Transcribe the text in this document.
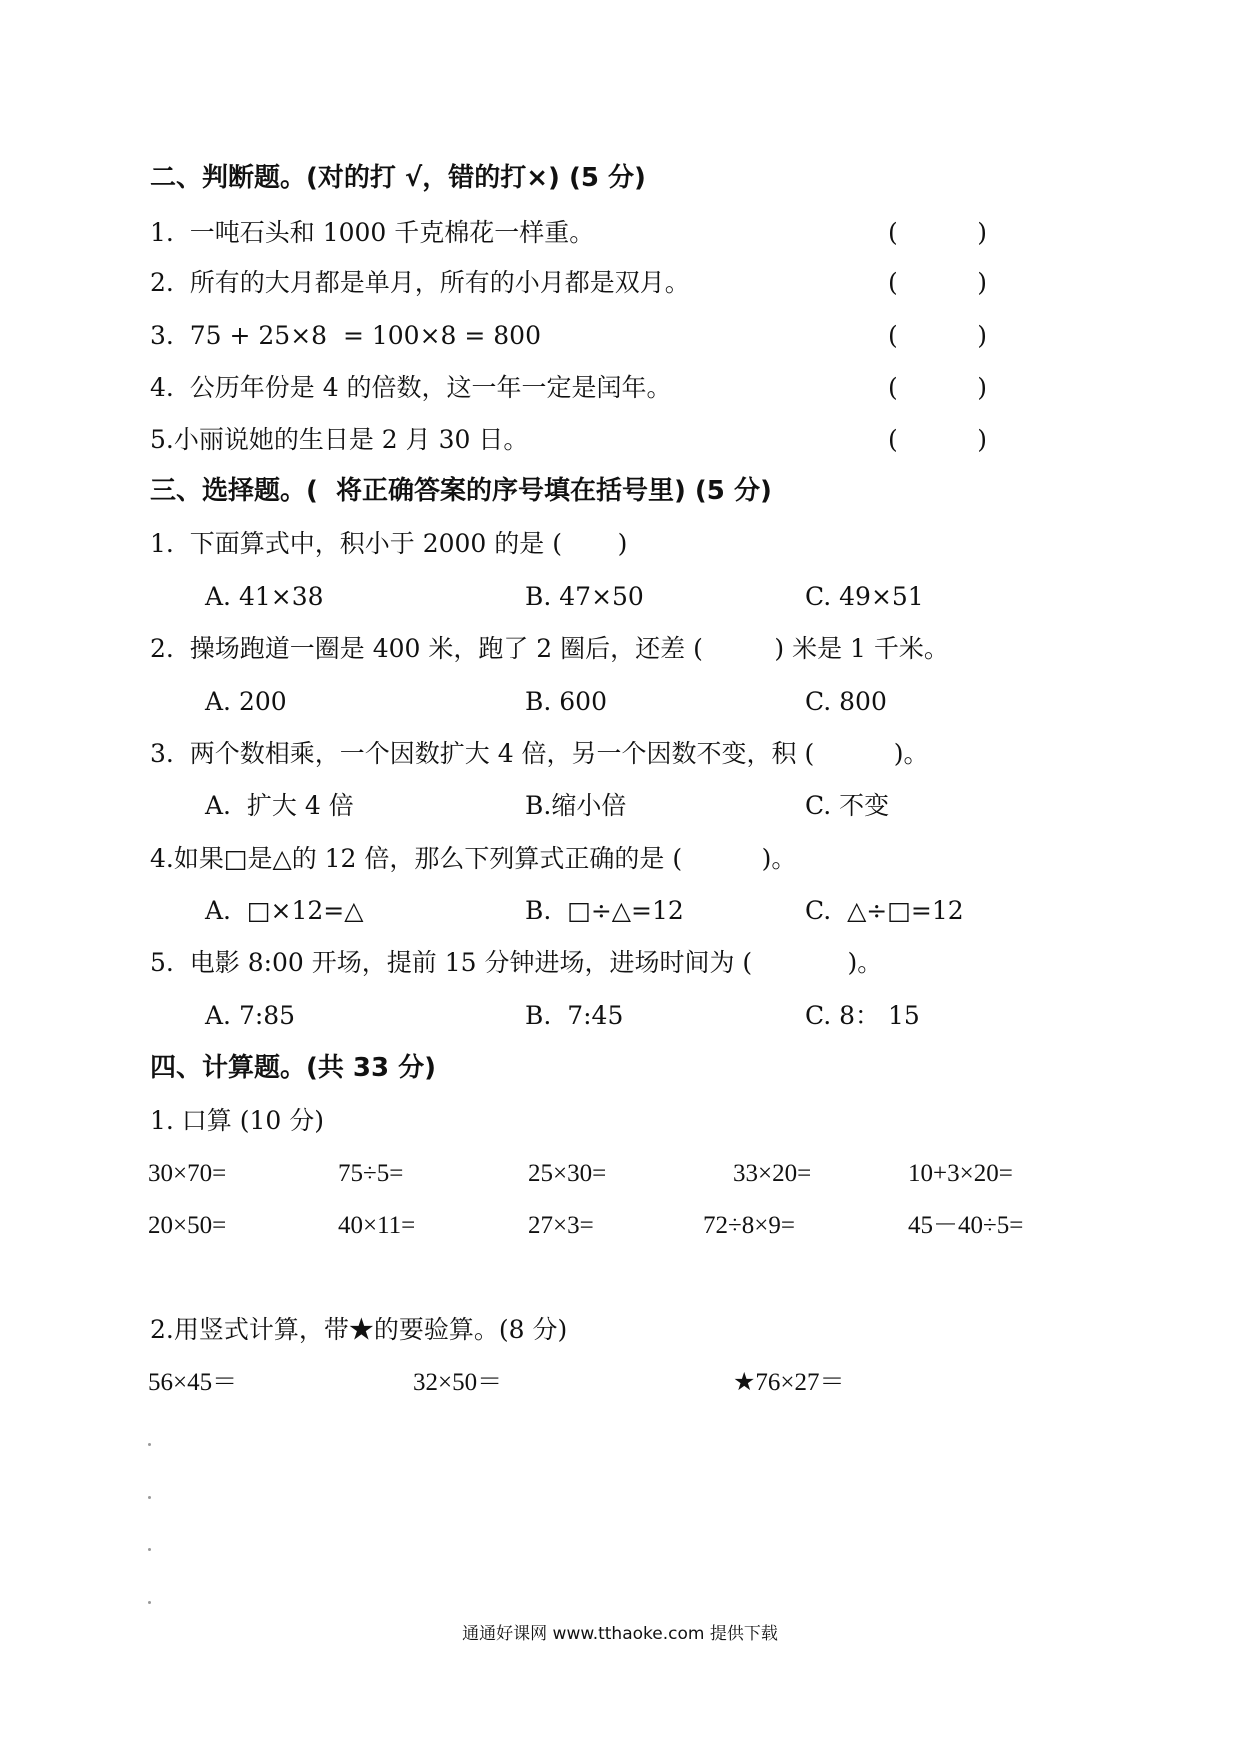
二、判断题。(对的打 √，错的打×) (5 分)
1.  一吨石头和 1000 千克棉花一样重。	(          )
2.  所有的大月都是单月，所有的小月都是双月。	(          )
3.  75 + 25×8  = 100×8 = 800	(          )
4.  公历年份是 4 的倍数，这一年一定是闰年。	(          )
5.小丽说她的生日是 2 月 30 日。	(          )
三、选择题。(  将正确答案的序号填在括号里) (5 分)
1.  下面算式中，积小于 2000 的是 (       )
A. 41×38	B. 47×50	C. 49×51
2.  操场跑道一圈是 400 米，跑了 2 圈后，还差 (         ) 米是 1 千米。
A. 200	B. 600	C. 800
3.  两个数相乘，一个因数扩大 4 倍，另一个因数不变，积 (          )。
A.  扩大 4 倍	B.缩小倍	C. 不变
4.如果□是△的 12 倍，那么下列算式正确的是 (          )。
A.  □×12=△	B.  □÷△=12	C.  △÷□=12
5.  电影 8:00 开场，提前 15 分钟进场，进场时间为 (            )。
A. 7:85	B.  7:45	C. 8： 15
四、计算题。(共 33 分)
1. 口算 (10 分)
30×70=	75÷5=	25×30=	33×20=	10+3×20=
20×50=	40×11=	27×3=	72÷8×9=	45－40÷5=
2.用竖式计算，带★的要验算。(8 分)
56×45＝	32×50＝	★76×27＝
通通好课网 www.tthaoke.com 提供下载
